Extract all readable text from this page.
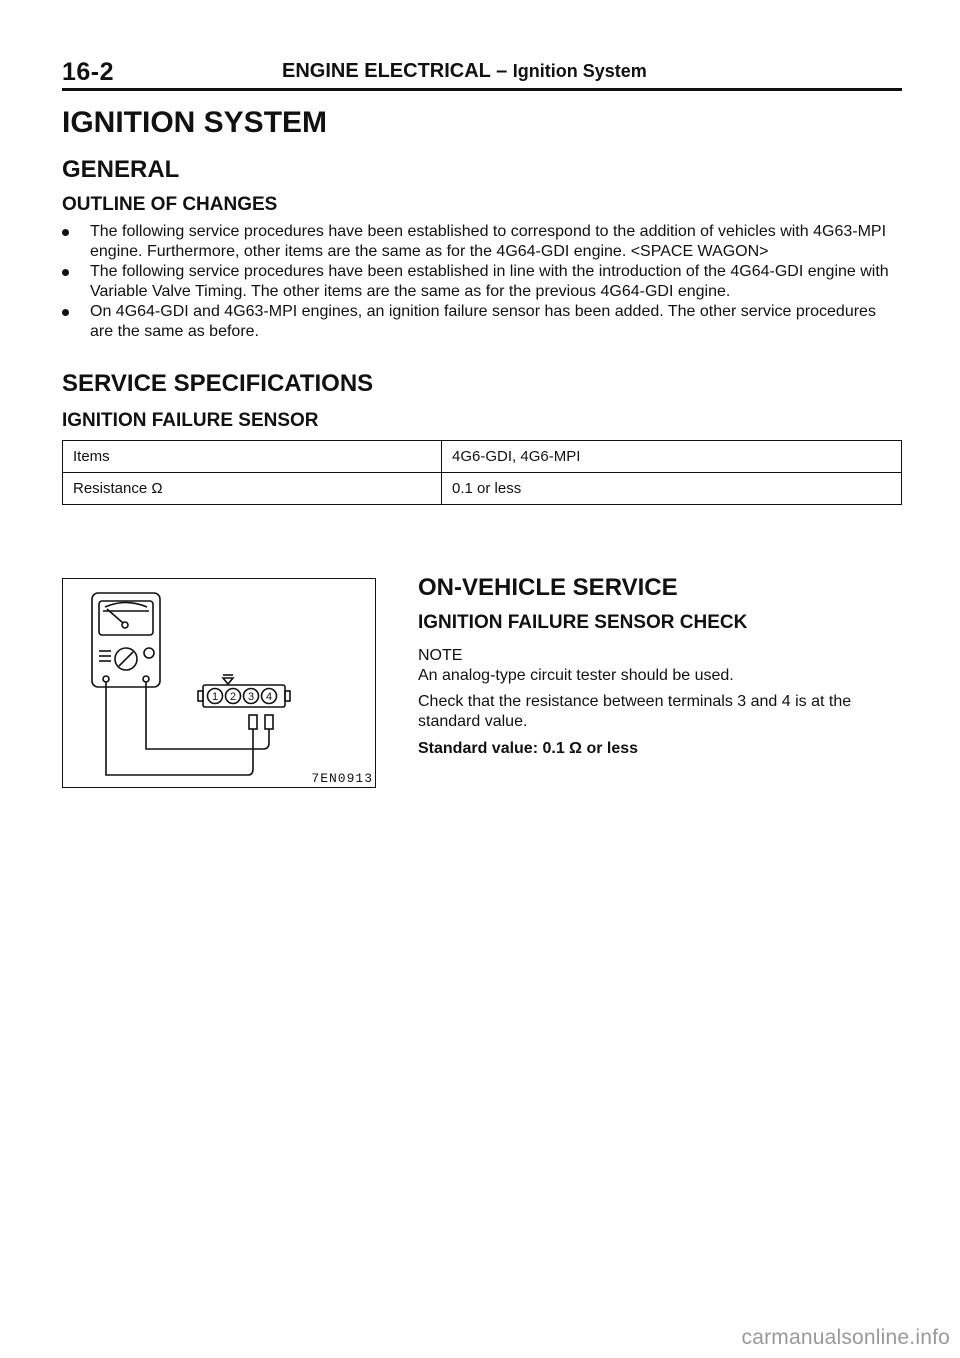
16-2	ENGINE ELECTRICAL – Ignition System
IGNITION SYSTEM
GENERAL
OUTLINE OF CHANGES
The following service procedures have been established to correspond to the addition of vehicles with 4G63-MPI engine. Furthermore, other items are the same as for the 4G64-GDI engine. <SPACE WAGON>
The following service procedures have been established in line with the introduction of the 4G64-GDI engine with Variable Valve Timing. The other items are the same as for the previous 4G64-GDI engine.
On 4G64-GDI and 4G63-MPI engines, an ignition failure sensor has been added. The other service procedures are the same as before.
SERVICE SPECIFICATIONS
IGNITION FAILURE SENSOR
Items	4G6-GDI, 4G6-MPI
Resistance Ω	0.1 or less
1 2 3 4
7EN0913
ON-VEHICLE SERVICE
IGNITION FAILURE SENSOR CHECK
NOTE
An analog-type circuit tester should be used.
Check that the resistance between terminals 3 and 4 is at the standard value.
Standard value: 0.1 Ω or less
carmanualsonline.info
